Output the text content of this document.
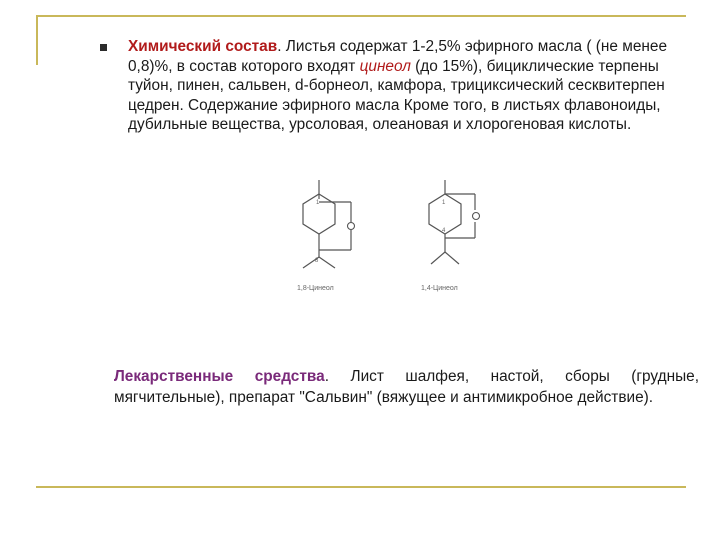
Химический состав. Листья содержат 1-2,5% эфирного масла ( (не менее 0,8)%, в состав которого входят цинеол (до 15%), бициклические терпены туйон, пинен, сальвен, d-борнеол, камфора, трициксический сесквитерпен цедрен. Содержание эфирного масла Кроме того, в листьях флавоноиды, дубильные вещества, урсоловая, олеановая и хлорогеновая кислоты.
1
8
1,8-Цинеол
1
4
1,4-Цинеол
Лекарственные средства. Лист шалфея, настой, сборы (грудные, мягчительные), препарат "Сальвин" (вяжущее и антимикробное действие).
